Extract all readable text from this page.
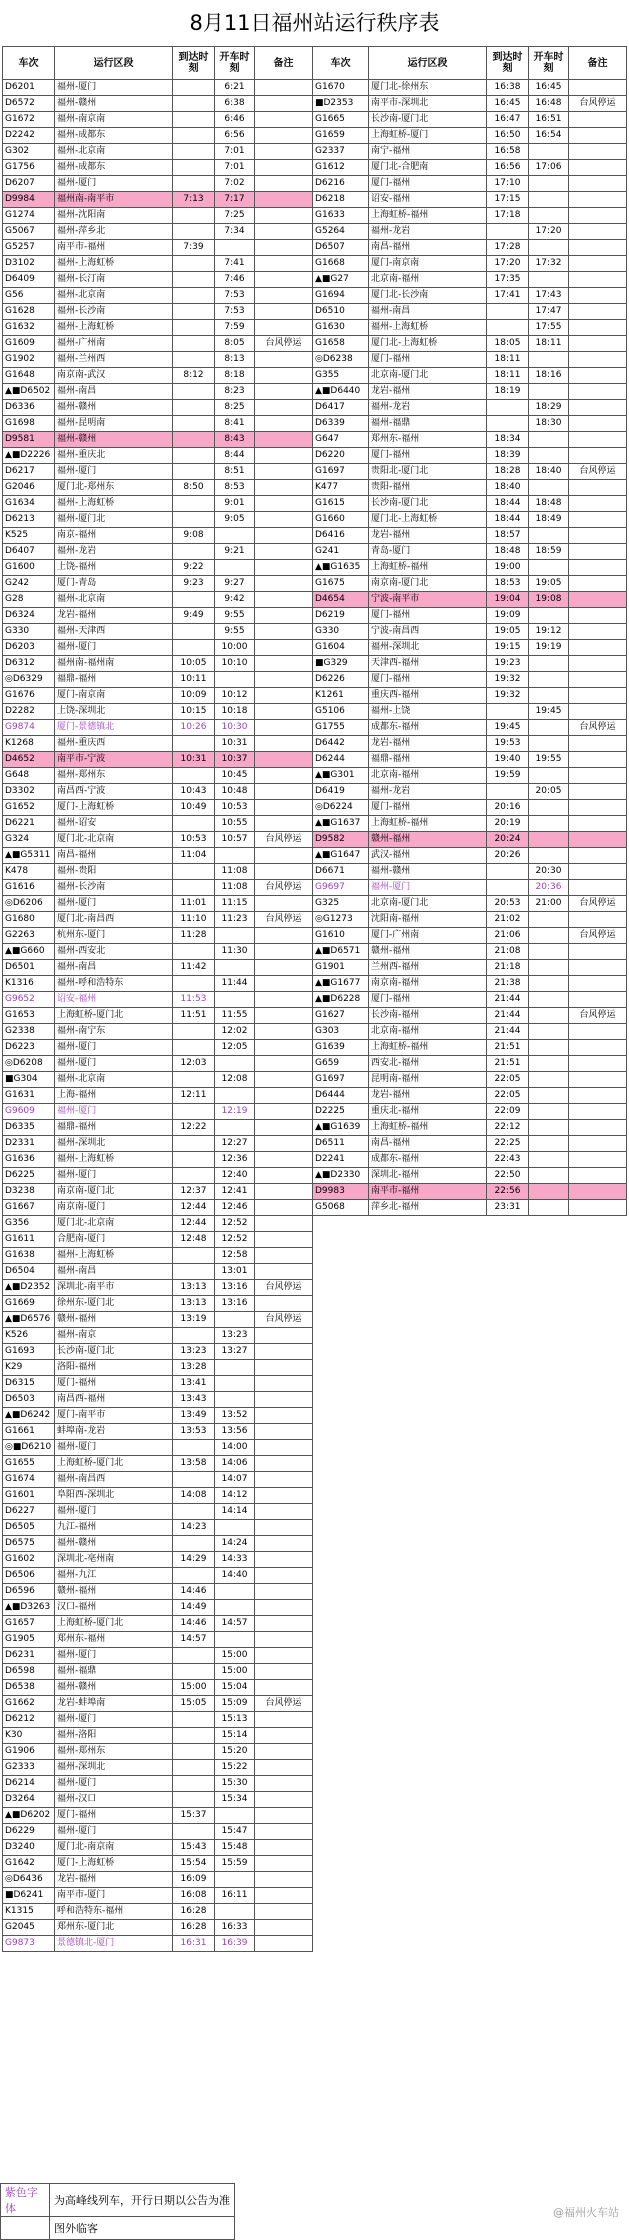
8月11日福州站运行秩序表
车次	运行区段	到达时刻	开车时刻	备注
D6201	福州-厦门		6:21	
D6572	福州-赣州		6:38	
G1672	福州-南京南		6:46	
D2242	福州-成都东		6:56	
G302	福州-北京南		7:01	
G1756	福州-成都东		7:01	
D6207	福州-厦门		7:02	
D9984	福州南-南平市	7:13	7:17	
G1274	福州-沈阳南		7:25	
G5067	福州-萍乡北		7:34	
G5257	南平市-福州	7:39		
D3102	福州-上海虹桥		7:41	
D6409	福州-长汀南		7:46	
G56	福州-北京南		7:53	
G1628	福州-长沙南		7:53	
G1632	福州-上海虹桥		7:59	
G1609	福州-广州南		8:05	台风停运
G1902	福州-兰州西		8:13	
G1648	南京南-武汉	8:12	8:18	
▲■D6502	福州-南昌		8:23	
D6336	福州-赣州		8:25	
G1698	福州-昆明南		8:41	
D9581	福州-赣州		8:43	
▲■D2226	福州-重庆北		8:44	
D6217	福州-厦门		8:51	
G2046	厦门北-郑州东	8:50	8:53	
G1634	福州-上海虹桥		9:01	
D6213	福州-厦门北		9:05	
K525	南京-福州	9:08		
D6407	福州-龙岩		9:21	
G1600	上饶-福州	9:22		
G242	厦门-青岛	9:23	9:27	
G28	福州-北京南		9:42	
D6324	龙岩-福州	9:49	9:55	
G330	福州-天津西		9:55	
D6203	福州-厦门		10:00	
D6312	福州南-福州南	10:05	10:10	
◎D6329	福鼎-福州	10:11		
G1676	厦门-南京南	10:09	10:12	
D2282	上饶-深圳北	10:15	10:18	
G9874	厦门-景德镇北	10:26	10:30	
K1268	福州-重庆西		10:31	
D4652	南平市-宁波	10:31	10:37	
G648	福州-郑州东		10:45	
D3302	南昌西-宁波	10:43	10:48	
G1652	厦门-上海虹桥	10:49	10:53	
D6221	福州-诏安		10:55	
G324	厦门北-北京南	10:53	10:57	台风停运
▲■G5311	南昌-福州	11:04		
K478	福州-贵阳		11:08	
G1616	福州-长沙南		11:08	台风停运
◎D6206	福州-厦门	11:01	11:15	
G1680	厦门北-南昌西	11:10	11:23	台风停运
G2263	杭州东-厦门	11:28		
▲■G660	福州-西安北		11:30	
D6501	福州-南昌	11:42		
K1316	福州-呼和浩特东		11:44	
G9652	诏安-福州	11:53		
G1653	上海虹桥-厦门北	11:51	11:55	
G2338	福州-南宁东		12:02	
D6223	福州-厦门		12:05	
◎D6208	福州-厦门	12:03		
■G304	福州-北京南		12:08	
G1631	上海-福州	12:11		
G9609	福州-厦门		12:19	
D6335	福鼎-福州	12:22		
D2331	福州-深圳北		12:27	
G1636	福州-上海虹桥		12:36	
D6225	福州-厦门		12:40	
D3238	南京南-厦门北	12:37	12:41	
G1667	南京南-厦门	12:44	12:46	
G356	厦门北-北京南	12:44	12:52	
G1611	合肥南-厦门	12:48	12:52	
G1638	福州-上海虹桥		12:58	
D6504	福州-南昌		13:01	
▲■D2352	深圳北-南平市	13:13	13:16	台风停运
G1669	徐州东-厦门北	13:13	13:16	
▲■D6576	赣州-福州	13:19		台风停运
K526	福州-南京		13:23	
G1693	长沙南-厦门北	13:23	13:27	
K29	洛阳-福州	13:28		
D6315	厦门-福州	13:41		
D6503	南昌西-福州	13:43		
▲■D6242	厦门-南平市	13:49	13:52	
G1661	蚌埠南-龙岩	13:53	13:56	
◎■D6210	福州-厦门		14:00	
G1655	上海虹桥-厦门北	13:58	14:06	
G1674	福州-南昌西		14:07	
G1601	阜阳西-深圳北	14:08	14:12	
D6227	福州-厦门		14:14	
D6505	九江-福州	14:23		
D6575	福州-赣州		14:24	
G1602	深圳北-亳州南	14:29	14:33	
D6506	福州-九江		14:40	
D6596	赣州-福州	14:46		
▲■D3263	汉口-福州	14:49		
G1657	上海虹桥-厦门北	14:46	14:57	
G1905	郑州东-福州	14:57		
D6231	福州-厦门		15:00	
D6598	福州-福鼎		15:00	
D6538	福州-赣州	15:00	15:04	
G1662	龙岩-蚌埠南	15:05	15:09	台风停运
D6212	福州-厦门		15:13	
K30	福州-洛阳		15:14	
G1906	福州-郑州东		15:20	
G2333	福州-深圳北		15:22	
D6214	福州-厦门		15:30	
D3264	福州-汉口		15:34	
▲■D6202	厦门-福州	15:37		
D6229	福州-厦门		15:47	
D3240	厦门北-南京南	15:43	15:48	
G1642	厦门-上海虹桥	15:54	15:59	
◎D6436	龙岩-福州	16:09		
■D6241	南平市-厦门	16:08	16:11	
K1315	呼和浩特东-福州	16:28		
G2045	郑州东-厦门北	16:28	16:33	
G9873	景德镇北-厦门	16:31	16:39	
车次	运行区段	到达时刻	开车时刻	备注
G1670	厦门北-徐州东	16:38	16:45	
■D2353	南平市-深圳北	16:45	16:48	台风停运
G1665	长沙南-厦门北	16:47	16:51	
G1659	上海虹桥-厦门	16:50	16:54	
G2337	南宁-福州	16:58		
G1612	厦门北-合肥南	16:56	17:06	
D6216	厦门-福州	17:10		
D6218	诏安-福州	17:15		
G1633	上海虹桥-福州	17:18		
G5264	福州-龙岩		17:20	
D6507	南昌-福州	17:28		
G1668	厦门-南京南	17:20	17:32	
▲■G27	北京南-福州	17:35		
G1694	厦门北-长沙南	17:41	17:43	
D6510	福州-南昌		17:47	
G1630	福州-上海虹桥		17:55	
G1658	厦门北-上海虹桥	18:05	18:11	
◎D6238	厦门-福州	18:11		
G355	北京南-厦门北	18:11	18:16	
▲■D6440	龙岩-福州	18:19		
D6417	福州-龙岩		18:29	
D6339	福州-福鼎		18:30	
G647	郑州东-福州	18:34		
D6220	厦门-福州	18:39		
G1697	贵阳北-厦门北	18:28	18:40	台风停运
K477	贵阳-福州	18:40		
G1615	长沙南-厦门北	18:44	18:48	
G1660	厦门北-上海虹桥	18:44	18:49	
D6416	龙岩-福州	18:57		
G241	青岛-厦门	18:48	18:59	
▲■G1635	上海虹桥-福州	19:00		
G1675	南京南-厦门北	18:53	19:05	
D4654	宁波-南平市	19:04	19:08	
D6219	厦门-福州	19:09		
G330	宁波-南昌西	19:05	19:12	
G1604	福州-深圳北	19:15	19:19	
■G329	天津西-福州	19:23		
D6226	厦门-福州	19:32		
K1261	重庆西-福州	19:32		
G5106	福州-上饶		19:45	
G1755	成都东-福州	19:45		台风停运
D6442	龙岩-福州	19:53		
D6244	福鼎-福州	19:40	19:55	
▲■G301	北京南-福州	19:59		
D6419	福州-龙岩		20:05	
◎D6224	厦门-福州	20:16		
▲■G1637	上海虹桥-福州	20:19		
D9582	赣州-福州	20:24		
▲■G1647	武汉-福州	20:26		
D6671	福州-赣州		20:30	
G9697	福州-厦门		20:36	
G325	北京南-厦门北	20:53	21:00	台风停运
◎G1273	沈阳南-福州	21:02		
G1610	厦门-广州南	21:06		台风停运
▲■D6571	赣州-福州	21:08		
G1901	兰州西-福州	21:18		
▲■G1677	南京南-福州	21:38		
▲■D6228	厦门-福州	21:44		
G1627	长沙南-福州	21:44		台风停运
G303	北京南-福州	21:44		
G1639	上海虹桥-福州	21:51		
G659	西安北-福州	21:51		
G1697	昆明南-福州	22:05		
D6444	龙岩-福州	22:05		
D2225	重庆北-福州	22:09		
▲■G1639	上海虹桥-福州	22:12		
D6511	南昌-福州	22:25		
D2241	成都东-福州	22:43		
▲■D2330	深圳北-福州	22:50		
D9983	南平市-福州	22:56		
G5068	萍乡北-福州	23:31		
紫色字体	为高峰线列车，开行日期以公告为准
	图外临客
@福州火车站
